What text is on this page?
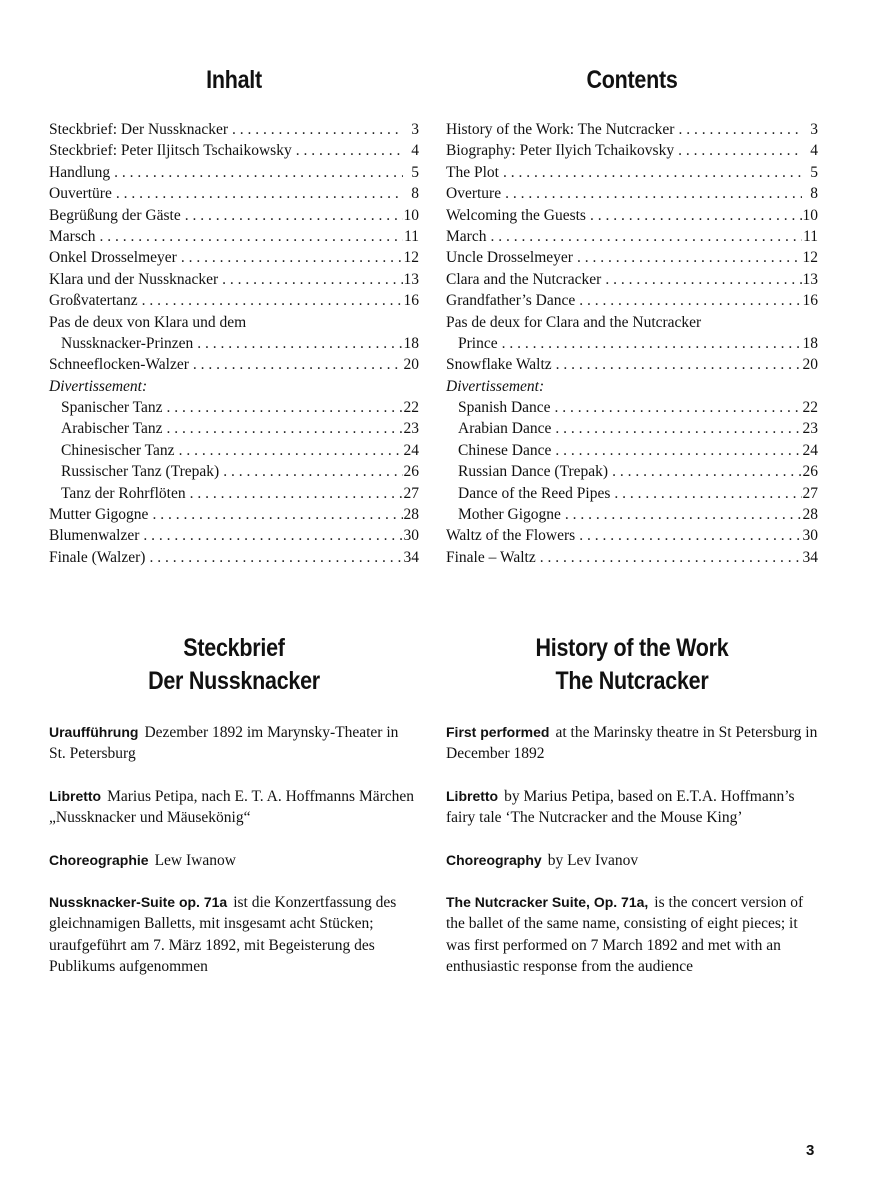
Inhalt
Steckbrief: Der Nussknacker . . .	3
Steckbrief: Peter Iljitsch Tschaikowsky . . .	4
Handlung . . .	5
Ouvertüre . . .	8
Begrüßung der Gäste . . .	10
Marsch . . .	11
Onkel Drosselmeyer . . .	12
Klara und der Nussknacker . . .	13
Großvatertanz . . .	16
Pas de deux von Klara und dem
Nussknacker-Prinzen . . .	18
Schneeflocken-Walzer . . .	20
Divertissement:
Spanischer Tanz . . .	22
Arabischer Tanz . . .	23
Chinesischer Tanz . . .	24
Russischer Tanz (Trepak) . . .	26
Tanz der Rohrflöten . . .	27
Mutter Gigogne . . .	28
Blumenwalzer . . .	30
Finale (Walzer) . . .	34
Contents
History of the Work: The Nutcracker . . .	3
Biography: Peter Ilyich Tchaikovsky . . .	4
The Plot . . .	5
Overture . . .	8
Welcoming the Guests . . .	10
March . . .	11
Uncle Drosselmeyer . . .	12
Clara and the Nutcracker . . .	13
Grandfather’s Dance . . .	16
Pas de deux for Clara and the Nutcracker
Prince . . .	18
Snowflake Waltz . . .	20
Divertissement:
Spanish Dance . . .	22
Arabian Dance . . .	23
Chinese Dance . . .	24
Russian Dance (Trepak) . . .	26
Dance of the Reed Pipes . . .	27
Mother Gigogne . . .	28
Waltz of the Flowers . . .	30
Finale – Waltz . . .	34
Steckbrief
Der Nussknacker

Uraufführung Dezember 1892 im Marynsky-Theater in St. Petersburg

Libretto Marius Petipa, nach E. T. A. Hoffmanns Märchen „Nussknacker und Mäusekönig“

Choreographie Lew Iwanow

Nussknacker-Suite op. 71a ist die Konzertfassung des gleichnamigen Balletts, mit insgesamt acht Stücken; uraufgeführt am 7. März 1892, mit Begeisterung des Publikums aufgenommen

History of the Work
The Nutcracker

First performed at the Marinsky theatre in St Petersburg in December 1892

Libretto by Marius Petipa, based on E.T.A. Hoffmann’s fairy tale ‘The Nutcracker and the Mouse King’

Choreography by Lev Ivanov

The Nutcracker Suite, Op. 71a, is the concert version of the ballet of the same name, consisting of eight pieces; it was first performed on 7 March 1892 and met with an enthusiastic response from the audience

3
